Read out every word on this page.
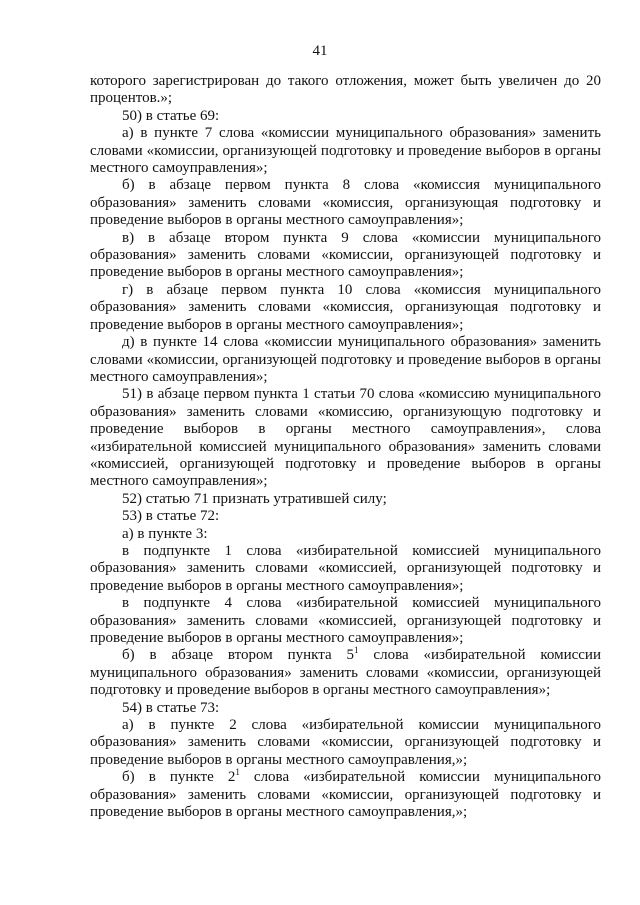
41

которого зарегистрирован до такого отложения, может быть увеличен до 20 процентов.»;

50) в статье 69:

а) в пункте 7 слова «комиссии муниципального образования» заменить словами «комиссии, организующей подготовку и проведение выборов в органы местного самоуправления»;

б) в абзаце первом пункта 8 слова «комиссия муниципального образования» заменить словами «комиссия, организующая подготовку и проведение выборов в органы местного самоуправления»;

в) в абзаце втором пункта 9 слова «комиссии муниципального образования» заменить словами «комиссии, организующей подготовку и проведение выборов в органы местного самоуправления»;

г) в абзаце первом пункта 10 слова «комиссия муниципального образования» заменить словами «комиссия, организующая подготовку и проведение выборов в органы местного самоуправления»;

д) в пункте 14 слова «комиссии муниципального образования» заменить словами «комиссии, организующей подготовку и проведение выборов в органы местного самоуправления»;

51) в абзаце первом пункта 1 статьи 70 слова «комиссию муниципального образования» заменить словами «комиссию, организующую подготовку и проведение выборов в органы местного самоуправления», слова «избирательной комиссией муниципального образования» заменить словами «комиссией, организующей подготовку и проведение выборов в органы местного самоуправления»;

52) статью 71 признать утратившей силу;

53) в статье 72:

а) в пункте 3:

в подпункте 1 слова «избирательной комиссией муниципального образования» заменить словами «комиссией, организующей подготовку и проведение выборов в органы местного самоуправления»;

в подпункте 4 слова «избирательной комиссией муниципального образования» заменить словами «комиссией, организующей подготовку и проведение выборов в органы местного самоуправления»;

б) в абзаце втором пункта $5^1$ слова «избирательной комиссии муниципального образования» заменить словами «комиссии, организующей подготовку и проведение выборов в органы местного самоуправления»;

54) в статье 73:

а) в пункте 2 слова «избирательной комиссии муниципального образования» заменить словами «комиссии, организующей подготовку и проведение выборов в органы местного самоуправления,»;

б) в пункте $2^1$ слова «избирательной комиссии муниципального образования» заменить словами «комиссии, организующей подготовку и проведение выборов в органы местного самоуправления,»;
